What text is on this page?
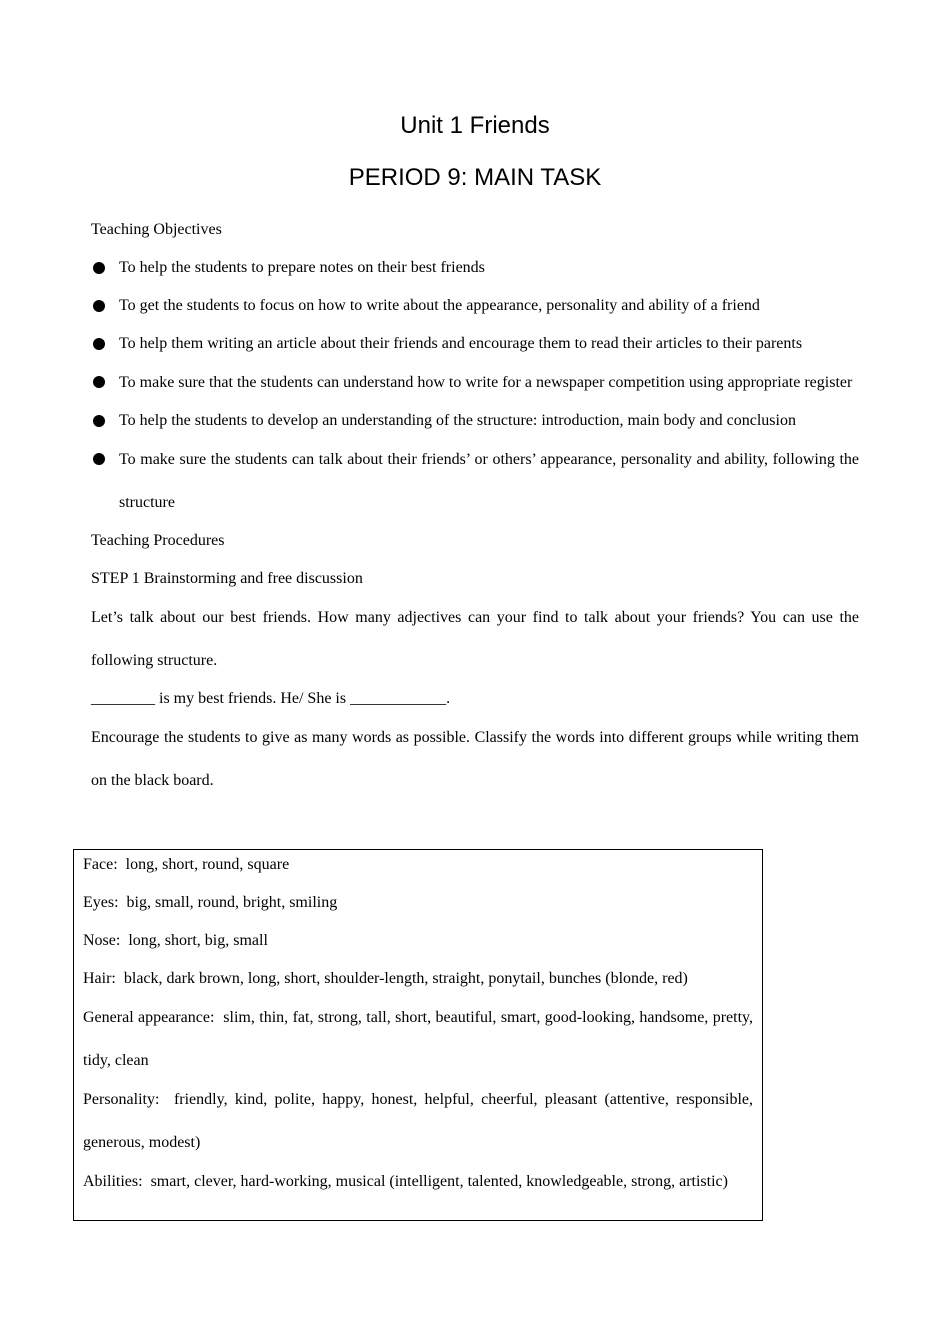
Unit 1 Friends
PERIOD 9: MAIN TASK

Teaching Objectives

To help the students to prepare notes on their best friends
To get the students to focus on how to write about the appearance, personality and ability of a friend
To help them writing an article about their friends and encourage them to read their articles to their parents
To make sure that the students can understand how to write for a newspaper competition using appropriate register
To help the students to develop an understanding of the structure: introduction, main body and conclusion
To make sure the students can talk about their friends’ or others’ appearance, personality and ability, following the structure

Teaching Procedures

STEP 1 Brainstorming and free discussion

Let’s talk about our best friends. How many adjectives can your find to talk about your friends? You can use the following structure.

________ is my best friends. He/ She is ____________.

Encourage the students to give as many words as possible. Classify the words into different groups while writing them on the black board.

Face: long, short, round, square
Eyes: big, small, round, bright, smiling
Nose: long, short, big, small
Hair: black, dark brown, long, short, shoulder-length, straight, ponytail, bunches (blonde, red)
General appearance: slim, thin, fat, strong, tall, short, beautiful, smart, good-looking, handsome, pretty, tidy, clean
Personality: friendly, kind, polite, happy, honest, helpful, cheerful, pleasant (attentive, responsible, generous, modest)
Abilities: smart, clever, hard-working, musical (intelligent, talented, knowledgeable, strong, artistic)
